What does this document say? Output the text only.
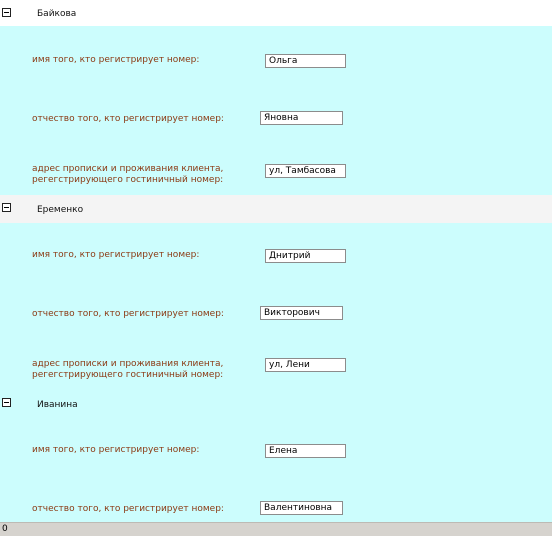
Байкова
имя того, кто регистрирует номер:
Ольга
отчество того, кто регистрирует номер:
Яновна
адрес прописки и проживания клиента,
регегстрирующего гостиничный номер:
ул, Тамбасова
Еременко
имя того, кто регистрирует номер:
Днитрий
отчество того, кто регистрирует номер:
Викторович
адрес прописки и проживания клиента,
регегстрирующего гостиничный номер:
ул, Лени
Иванина
имя того, кто регистрирует номер:
Елена
отчество того, кто регистрирует номер:
Валентиновна
0
